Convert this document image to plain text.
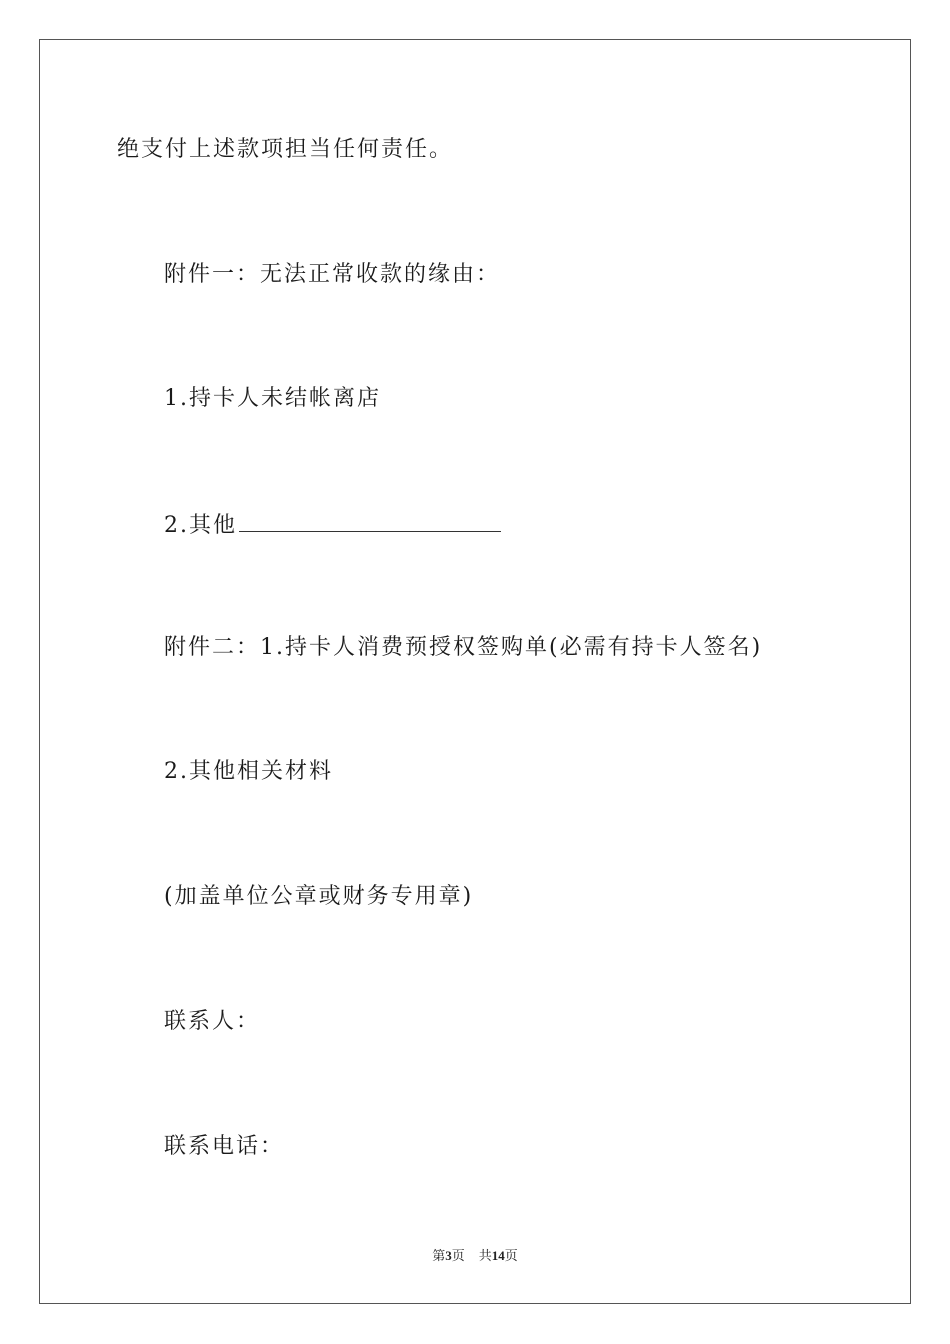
绝支付上述款项担当任何责任。
附件一：无法正常收款的缘由：
1.持卡人未结帐离店
2.其他
附件二：1.持卡人消费预授权签购单(必需有持卡人签名)
2.其他相关材料
(加盖单位公章或财务专用章)
联系人：
联系电话：
第3页 共14页
